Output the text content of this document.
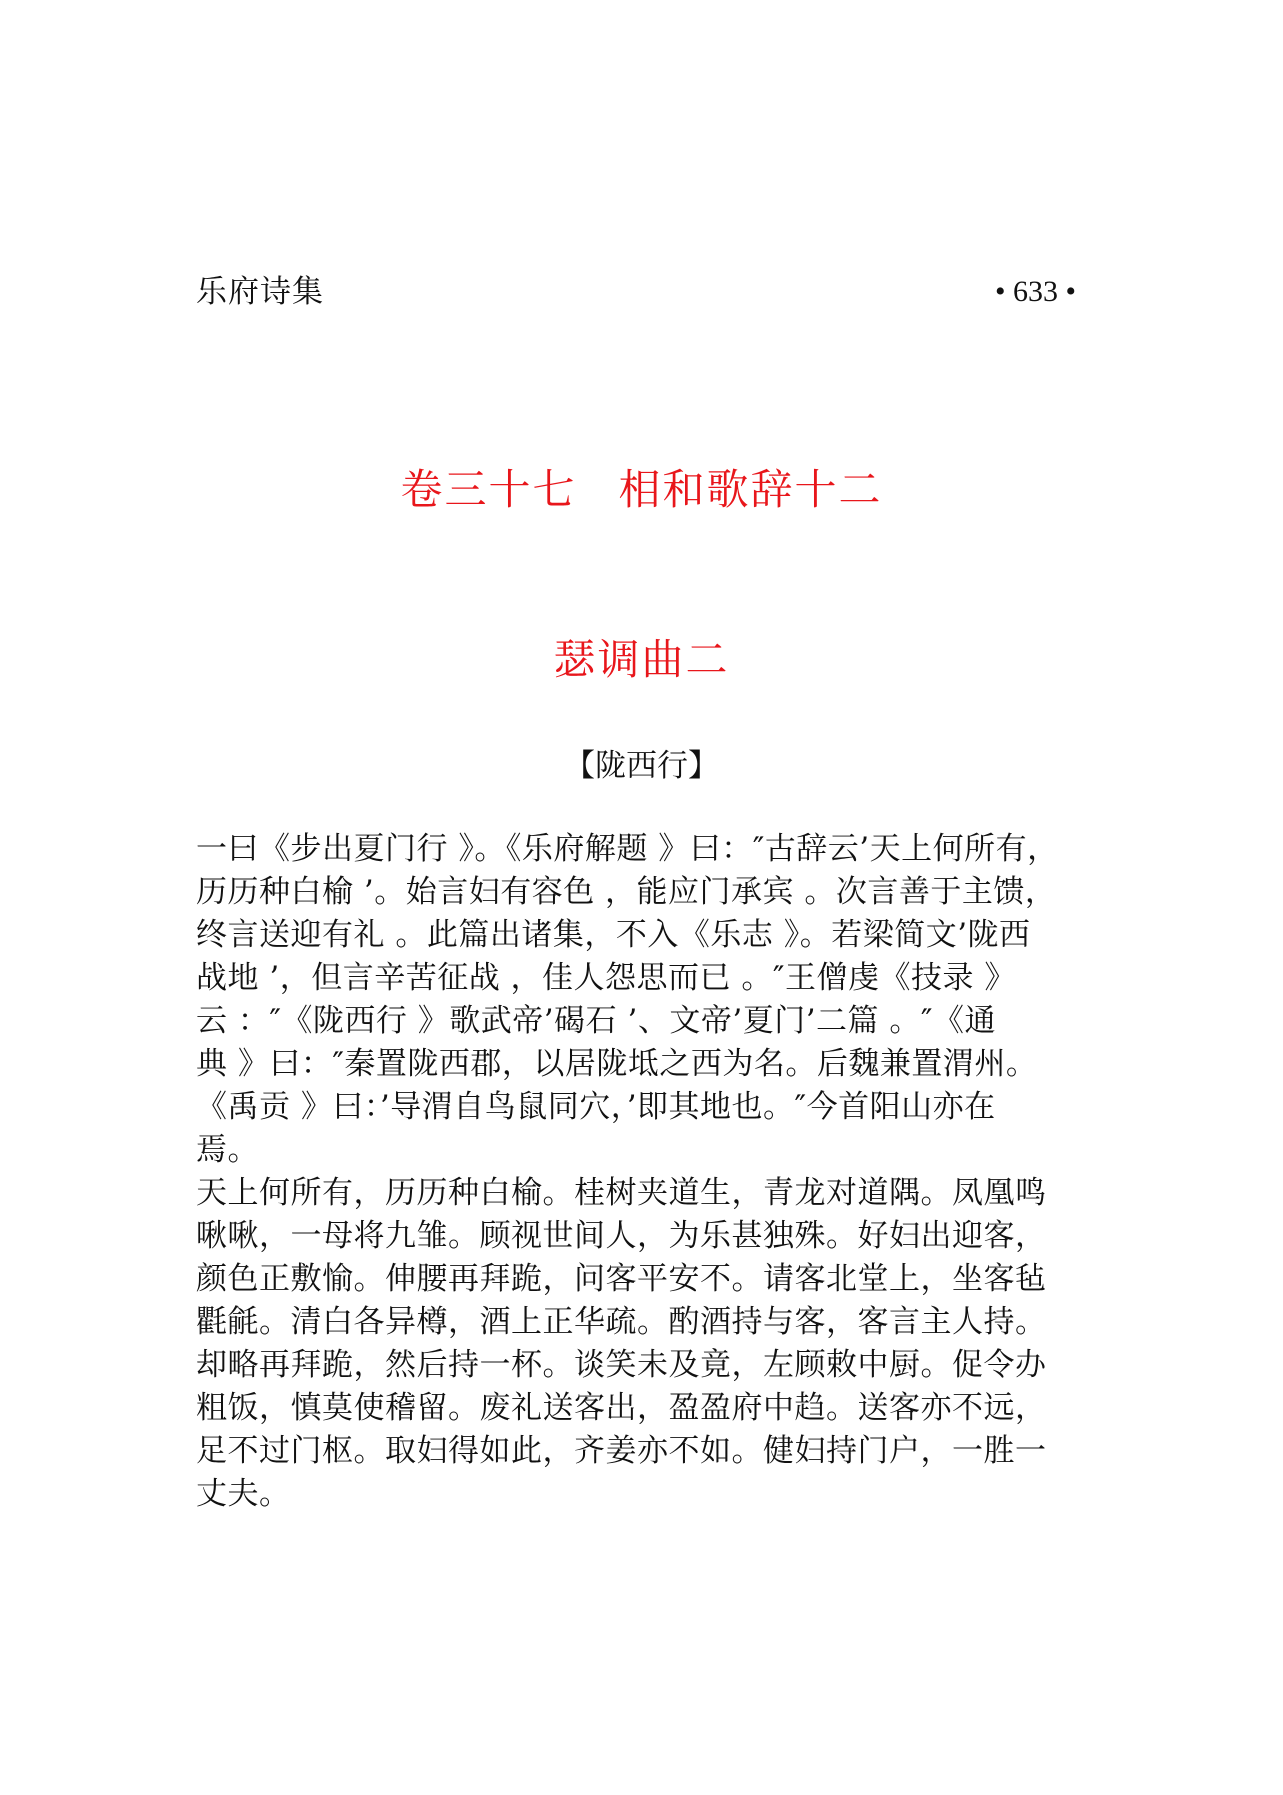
乐府诗集	• 633 •
卷三十七 相和歌辞十二
瑟调曲二
【陇西行】
一曰《步出夏门行 》。《乐府解题 》曰：″古辞云’天上何所有，
历历种白榆 ’。始言妇有容色 ，能应门承宾 。次言善于主馈，
终言送迎有礼 。此篇出诸集，不入《乐志 》。若梁简文’陇西
战地 ’，但言辛苦征战 ，佳人怨思而已 。″王僧虔《技录 》
云 ：″《陇西行 》歌武帝’碣石 ’、文帝’夏门’二篇 。″《通
典 》曰：″秦置陇西郡，以居陇坻之西为名。后魏兼置渭州。
《禹贡 》曰：’导渭自鸟鼠同穴，’即其地也。″今首阳山亦在
焉。
天上何所有，历历种白榆。桂树夹道生，青龙对道隅。凤凰鸣
啾啾，一母将九雏。顾视世间人，为乐甚独殊。好妇出迎客，
颜色正敷愉。伸腰再拜跪，问客平安不。请客北堂上，坐客毡
氍毹。清白各异樽，酒上正华疏。酌酒持与客，客言主人持。
却略再拜跪，然后持一杯。谈笑未及竟，左顾敕中厨。促令办
粗饭，慎莫使稽留。废礼送客出，盈盈府中趋。送客亦不远，
足不过门枢。取妇得如此，齐姜亦不如。健妇持门户，一胜一
丈夫。
